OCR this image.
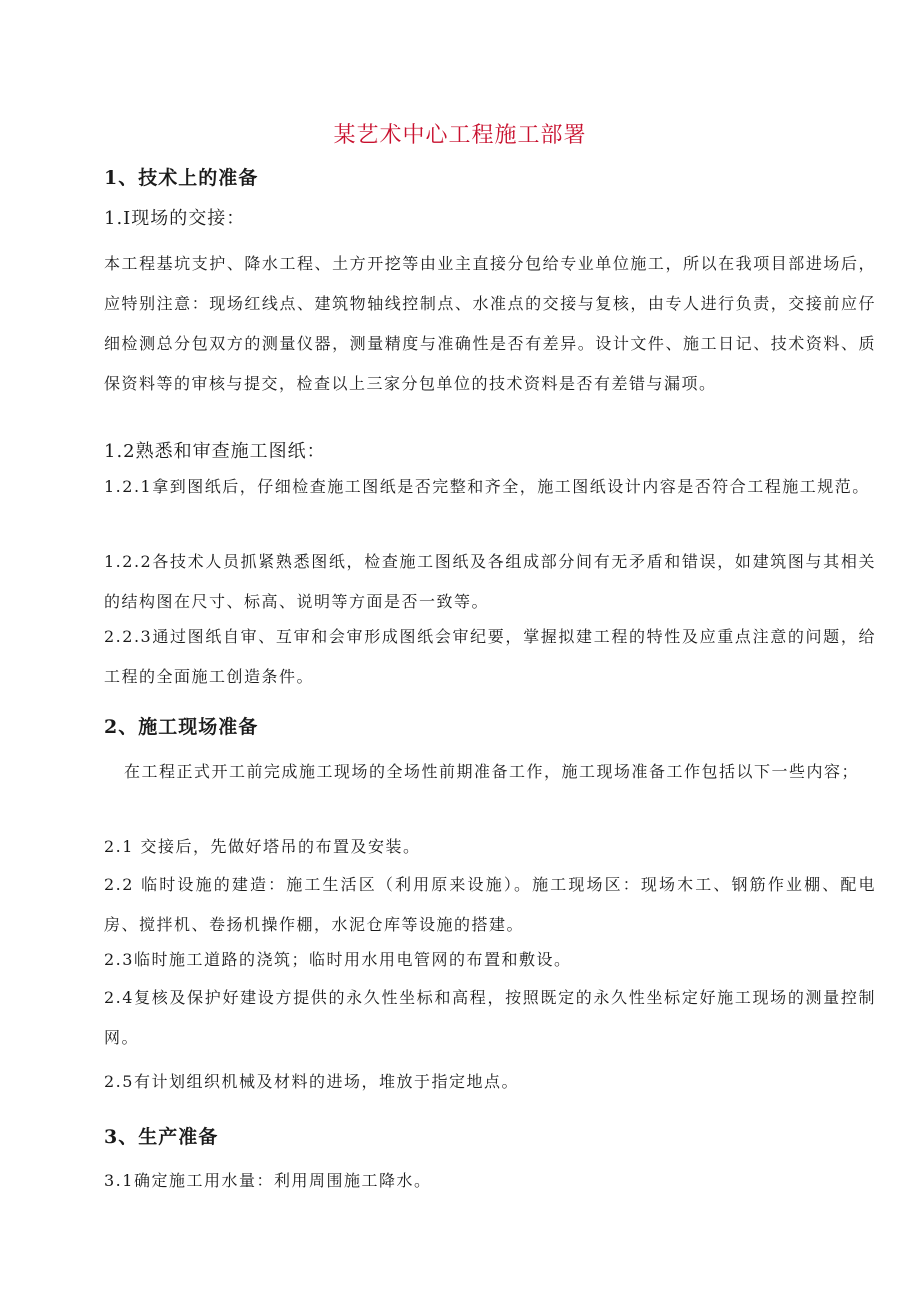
某艺术中心工程施工部署
1、技术上的准备
1.I现场的交接：

本工程基坑支护、降水工程、土方开挖等由业主直接分包给专业单位施工，所以在我项目部进场后，应特别注意：现场红线点、建筑物轴线控制点、水准点的交接与复核，由专人进行负责，交接前应仔细检测总分包双方的测量仪器，测量精度与准确性是否有差异。设计文件、施工日记、技术资料、质保资料等的审核与提交，检查以上三家分包单位的技术资料是否有差错与漏项。

1.2熟悉和审查施工图纸：

1.2.1拿到图纸后，仔细检查施工图纸是否完整和齐全，施工图纸设计内容是否符合工程施工规范。

1.2.2各技术人员抓紧熟悉图纸，检查施工图纸及各组成部分间有无矛盾和错误，如建筑图与其相关的结构图在尺寸、标高、说明等方面是否一致等。

2.2.3通过图纸自审、互审和会审形成图纸会审纪要，掌握拟建工程的特性及应重点注意的问题，给工程的全面施工创造条件。

2、施工现场准备

在工程正式开工前完成施工现场的全场性前期准备工作，施工现场准备工作包括以下一些内容；

2.1 交接后，先做好塔吊的布置及安装。

2.2 临时设施的建造：施工生活区（利用原来设施）。施工现场区：现场木工、钢筋作业棚、配电房、搅拌机、卷扬机操作棚，水泥仓库等设施的搭建。

2.3临时施工道路的浇筑；临时用水用电管网的布置和敷设。

2.4复核及保护好建设方提供的永久性坐标和高程，按照既定的永久性坐标定好施工现场的测量控制网。

2.5有计划组织机械及材料的进场，堆放于指定地点。

3、生产准备

3.1确定施工用水量：利用周围施工降水。
